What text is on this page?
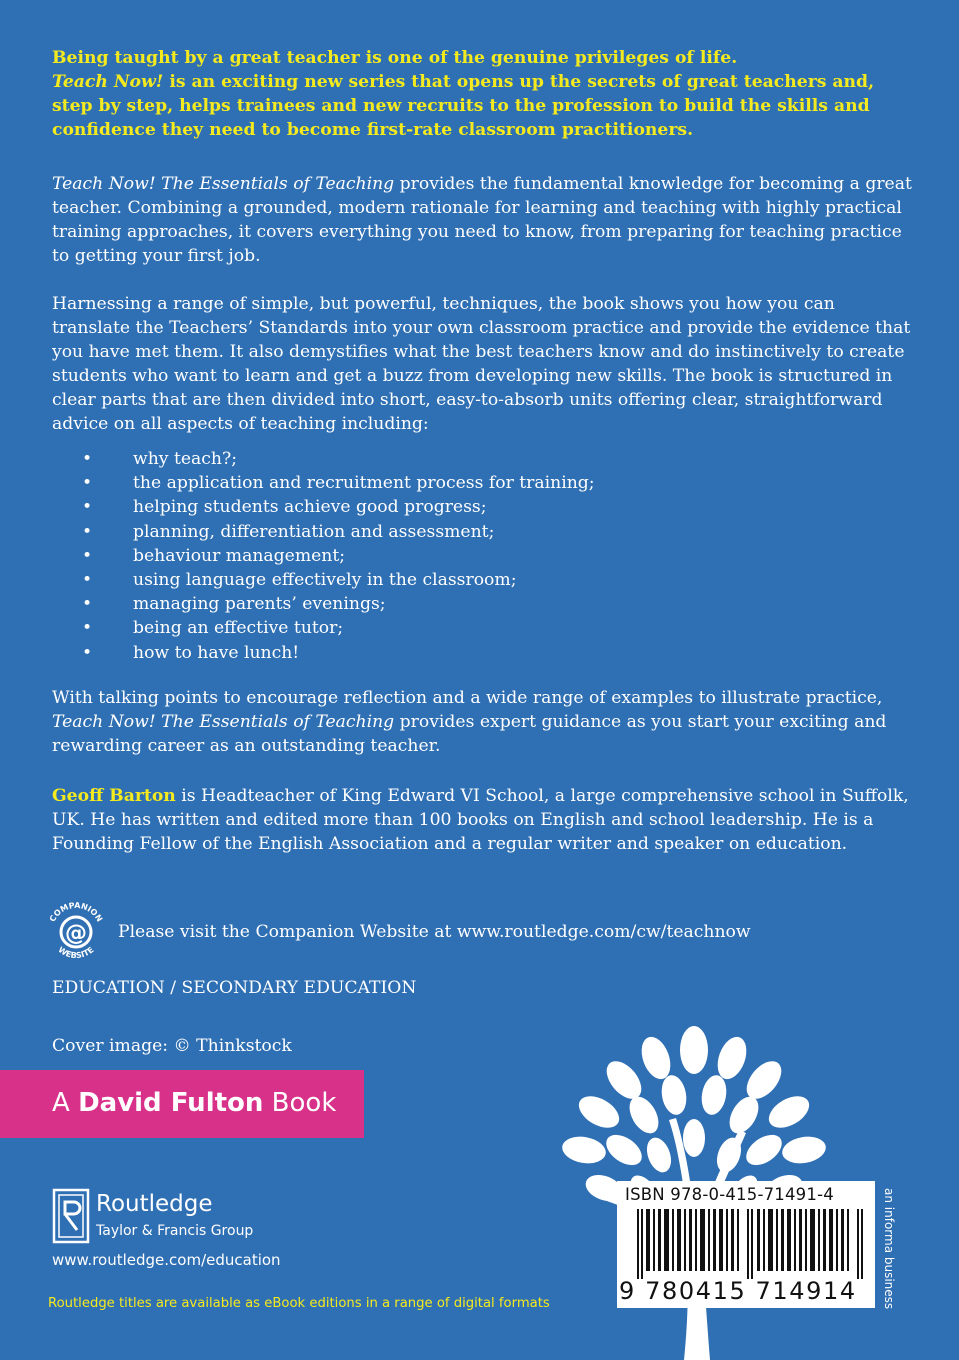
Being taught by a great teacher is one of the genuine privileges of life.
Teach Now! is an exciting new series that opens up the secrets of great teachers and, step by step, helps trainees and new recruits to the profession to build the skills and confidence they need to become first-rate classroom practitioners.
Teach Now! The Essentials of Teaching provides the fundamental knowledge for becoming a great teacher. Combining a grounded, modern rationale for learning and teaching with highly practical training approaches, it covers everything you need to know, from preparing for teaching practice to getting your first job.
Harnessing a range of simple, but powerful, techniques, the book shows you how you can translate the Teachers’ Standards into your own classroom practice and provide the evidence that you have met them. It also demystifies what the best teachers know and do instinctively to create students who want to learn and get a buzz from developing new skills. The book is structured in clear parts that are then divided into short, easy-to-absorb units offering clear, straightforward advice on all aspects of teaching including:
• why teach?;
• the application and recruitment process for training;
• helping students achieve good progress;
• planning, differentiation and assessment;
• behaviour management;
• using language effectively in the classroom;
• managing parents’ evenings;
• being an effective tutor;
• how to have lunch!
With talking points to encourage reflection and a wide range of examples to illustrate practice,
Teach Now! The Essentials of Teaching provides expert guidance as you start your exciting and rewarding career as an outstanding teacher.
Geoff Barton is Headteacher of King Edward VI School, a large comprehensive school in Suffolk, UK. He has written and edited more than 100 books on English and school leadership. He is a Founding Fellow of the English Association and a regular writer and speaker on education.
@
COMPANION
WEBSITE
Please visit the Companion Website at www.routledge.com/cw/teachnow
EDUCATION / SECONDARY EDUCATION
Cover image: © Thinkstock
A David Fulton Book
Routledge
Taylor & Francis Group
www.routledge.com/education
Routledge titles are available as eBook editions in a range of digital formats
ISBN 978-0-415-71491-4
9 780415 714914	an informa business
